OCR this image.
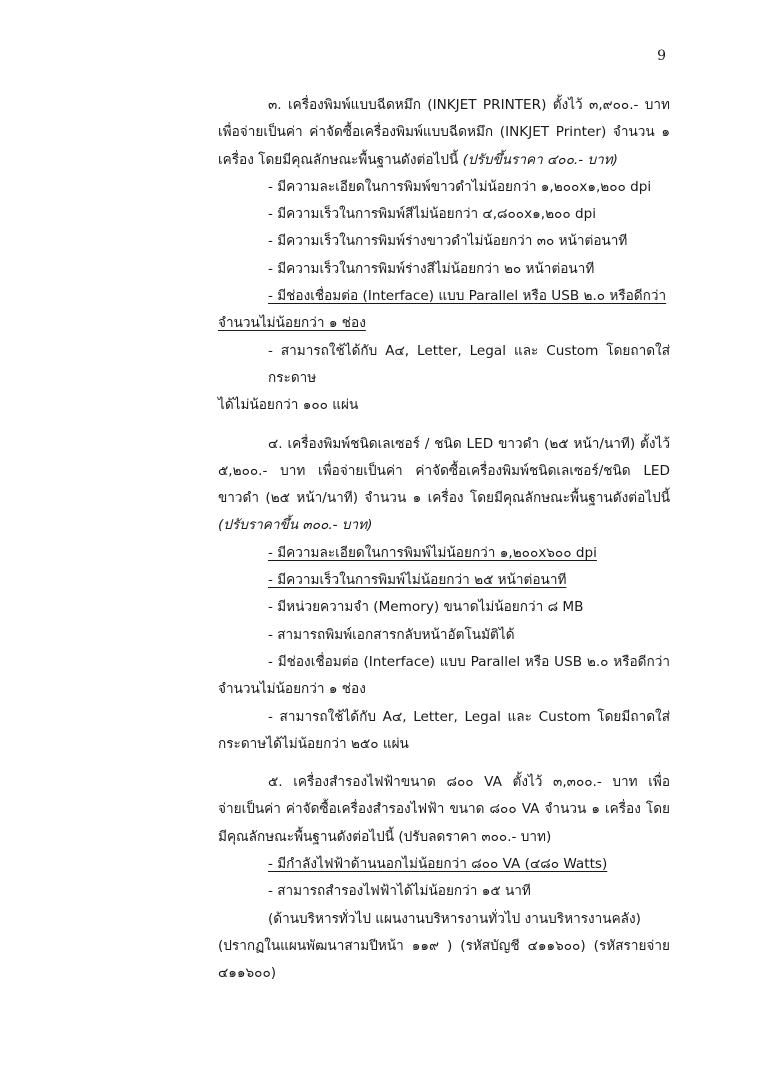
9
๓. เครื่องพิมพ์แบบฉีดหมึก (INKJET PRINTER) ตั้งไว้ ๓,๙๐๐.- บาท
เพื่อจ่ายเป็นค่า ค่าจัดซื้อเครื่องพิมพ์แบบฉีดหมึก (INKJET Printer) จำนวน ๑
เครื่อง โดยมีคุณลักษณะพื้นฐานดังต่อไปนี้ (ปรับขึ้นราคา ๔๐๐.- บาท)
- มีความละเอียดในการพิมพ์ขาวดำไม่น้อยกว่า ๑,๒๐๐x๑,๒๐๐ dpi
- มีความเร็วในการพิมพ์สีไม่น้อยกว่า ๔,๘๐๐x๑,๒๐๐ dpi
- มีความเร็วในการพิมพ์ร่างขาวดำไม่น้อยกว่า ๓๐ หน้าต่อนาที
- มีความเร็วในการพิมพ์ร่างสีไม่น้อยกว่า ๒๐ หน้าต่อนาที
- มีช่องเชื่อมต่อ (Interface) แบบ Parallel หรือ USB ๒.๐ หรือดีกว่า
จำนวนไม่น้อยกว่า ๑ ช่อง
- สามารถใช้ได้กับ A๔, Letter, Legal และ Custom โดยถาดใส่กระดาษ
ได้ไม่น้อยกว่า ๑๐๐ แผ่น
๔. เครื่องพิมพ์ชนิดเลเซอร์ / ชนิด LED ขาวดำ (๒๕ หน้า/นาที) ตั้งไว้
๕,๒๐๐.- บาท เพื่อจ่ายเป็นค่า ค่าจัดซื้อเครื่องพิมพ์ชนิดเลเซอร์/ชนิด LED
ขาวดำ (๒๕ หน้า/นาที) จำนวน ๑ เครื่อง โดยมีคุณลักษณะพื้นฐานดังต่อไปนี้
(ปรับราคาขึ้น ๓๐๐.- บาท)
- มีความละเอียดในการพิมพ์ไม่น้อยกว่า ๑,๒๐๐x๖๐๐ dpi
- มีความเร็วในการพิมพ์ไม่น้อยกว่า ๒๕ หน้าต่อนาที
- มีหน่วยความจำ (Memory) ขนาดไม่น้อยกว่า ๘ MB
- สามารถพิมพ์เอกสารกลับหน้าอัตโนมัติได้
- มีช่องเชื่อมต่อ (Interface) แบบ Parallel หรือ USB ๒.๐ หรือดีกว่า
จำนวนไม่น้อยกว่า ๑ ช่อง
- สามารถใช้ได้กับ A๔, Letter, Legal และ Custom โดยมีถาดใส่
กระดาษได้ไม่น้อยกว่า ๒๕๐ แผ่น
๕. เครื่องสำรองไฟฟ้าขนาด ๘๐๐ VA ตั้งไว้ ๓,๓๐๐.- บาท เพื่อ
จ่ายเป็นค่า ค่าจัดซื้อเครื่องสำรองไฟฟ้า ขนาด ๘๐๐ VA จำนวน ๑ เครื่อง โดย
มีคุณลักษณะพื้นฐานดังต่อไปนี้ (ปรับลดราคา ๓๐๐.- บาท)
- มีกำลังไฟฟ้าด้านนอกไม่น้อยกว่า ๘๐๐ VA (๔๘๐ Watts)
- สามารถสำรองไฟฟ้าได้ไม่น้อยกว่า ๑๕ นาที
(ด้านบริหารทั่วไป แผนงานบริหารงานทั่วไป งานบริหารงานคลัง)
(ปรากฏในแผนพัฒนาสามปีหน้า ๑๑๙ ) (รหัสบัญชี ๔๑๑๖๐๐) (รหัสรายจ่าย
๔๑๑๖๐๐)
